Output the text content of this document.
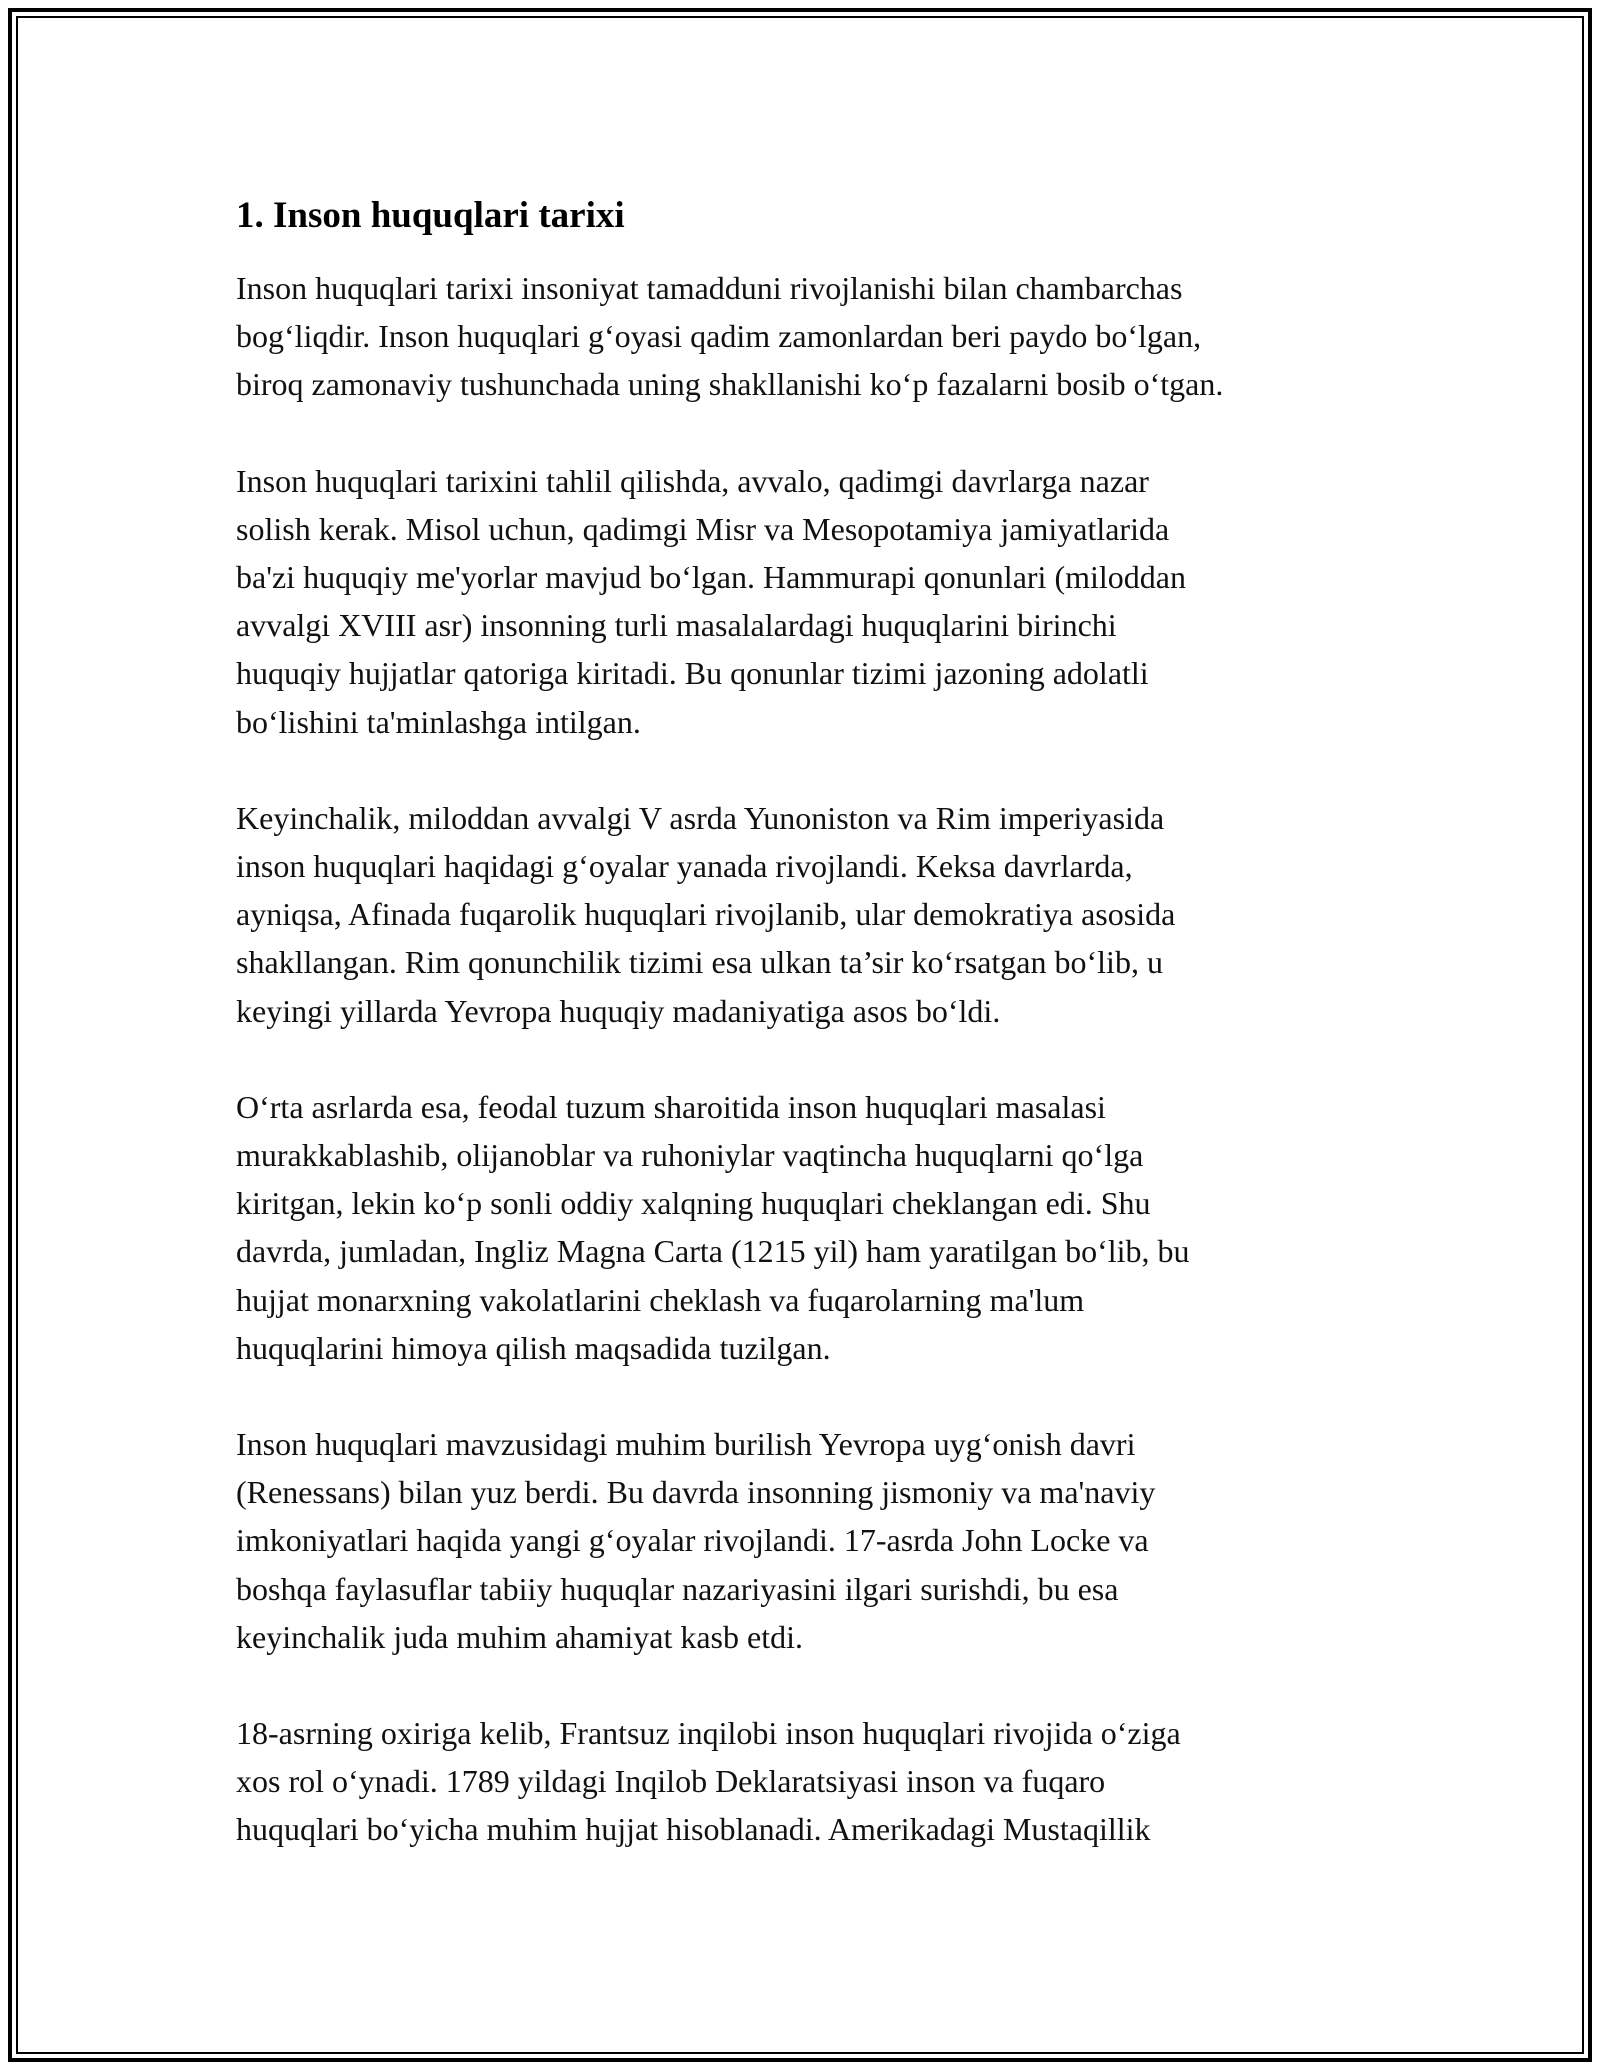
1. Inson huquqlari tarixi
Inson huquqlari tarixi insoniyat tamadduni rivojlanishi bilan chambarchas
bog‘liqdir. Inson huquqlari g‘oyasi qadim zamonlardan beri paydo bo‘lgan,
biroq zamonaviy tushunchada uning shakllanishi ko‘p fazalarni bosib o‘tgan.
Inson huquqlari tarixini tahlil qilishda, avvalo, qadimgi davrlarga nazar
solish kerak. Misol uchun, qadimgi Misr va Mesopotamiya jamiyatlarida
ba'zi huquqiy me'yorlar mavjud bo‘lgan. Hammurapi qonunlari (miloddan
avvalgi XVIII asr) insonning turli masalalardagi huquqlarini birinchi
huquqiy hujjatlar qatoriga kiritadi. Bu qonunlar tizimi jazoning adolatli
bo‘lishini ta'minlashga intilgan.
Keyinchalik, miloddan avvalgi V asrda Yunoniston va Rim imperiyasida
inson huquqlari haqidagi g‘oyalar yanada rivojlandi. Keksa davrlarda,
ayniqsa, Afinada fuqarolik huquqlari rivojlanib, ular demokratiya asosida
shakllangan. Rim qonunchilik tizimi esa ulkan ta’sir ko‘rsatgan bo‘lib, u
keyingi yillarda Yevropa huquqiy madaniyatiga asos bo‘ldi.
O‘rta asrlarda esa, feodal tuzum sharoitida inson huquqlari masalasi
murakkablashib, olijanoblar va ruhoniylar vaqtincha huquqlarni qo‘lga
kiritgan, lekin ko‘p sonli oddiy xalqning huquqlari cheklangan edi. Shu
davrda, jumladan, Ingliz Magna Carta (1215 yil) ham yaratilgan bo‘lib, bu
hujjat monarxning vakolatlarini cheklash va fuqarolarning ma'lum
huquqlarini himoya qilish maqsadida tuzilgan.
Inson huquqlari mavzusidagi muhim burilish Yevropa uyg‘onish davri
(Renessans) bilan yuz berdi. Bu davrda insonning jismoniy va ma'naviy
imkoniyatlari haqida yangi g‘oyalar rivojlandi. 17-asrda John Locke va
boshqa faylasuflar tabiiy huquqlar nazariyasini ilgari surishdi, bu esa
keyinchalik juda muhim ahamiyat kasb etdi.
18-asrning oxiriga kelib, Frantsuz inqilobi inson huquqlari rivojida o‘ziga
xos rol o‘ynadi. 1789 yildagi Inqilob Deklaratsiyasi inson va fuqaro
huquqlari bo‘yicha muhim hujjat hisoblanadi. Amerikadagi Mustaqillik
